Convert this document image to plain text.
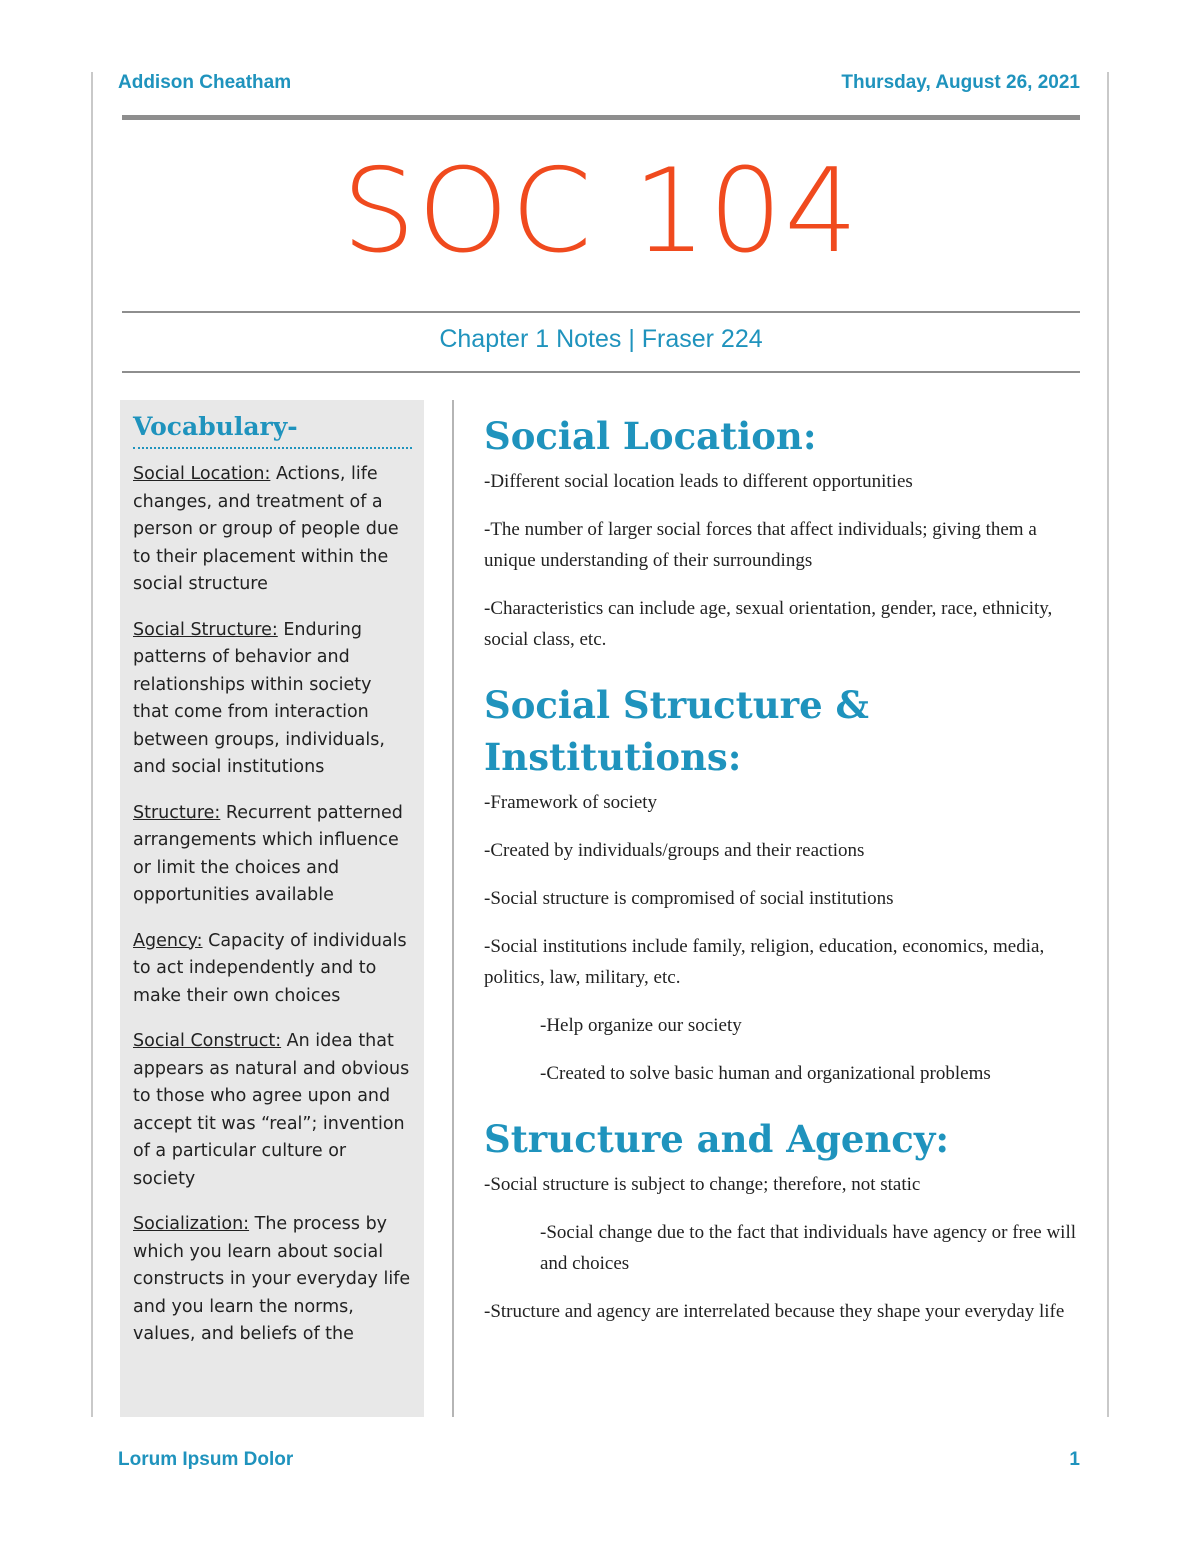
Addison Cheatham	Thursday, August 26, 2021
SOC 104
Chapter 1 Notes | Fraser 224
Vocabulary-
Social Location: Actions, life changes, and treatment of a person or group of people due to their placement within the social structure
Social Structure: Enduring patterns of behavior and relationships within society that come from interaction between groups, individuals, and social institutions
Structure: Recurrent patterned arrangements which influence or limit the choices and opportunities available
Agency: Capacity of individuals to act independently and to make their own choices
Social Construct: An idea that appears as natural and obvious to those who agree upon and accept tit was “real”; invention of a particular culture or society
Socialization: The process by which you learn about social constructs in your everyday life and you learn the norms, values, and beliefs of the
Social Location:

-Different social location leads to different opportunities

-The number of larger social forces that affect individuals; giving them a unique understanding of their surroundings

-Characteristics can include age, sexual orientation, gender, race, ethnicity, social class, etc.

Social Structure & Institutions:

-Framework of society

-Created by individuals/groups and their reactions

-Social structure is compromised of social institutions

-Social institutions include family, religion, education, economics, media, politics, law, military, etc.

-Help organize our society

-Created to solve basic human and organizational problems

Structure and Agency:

-Social structure is subject to change; therefore, not static

-Social change due to the fact that individuals have agency or free will and choices

-Structure and agency are interrelated because they shape your everyday life

Lorum Ipsum Dolor	1
